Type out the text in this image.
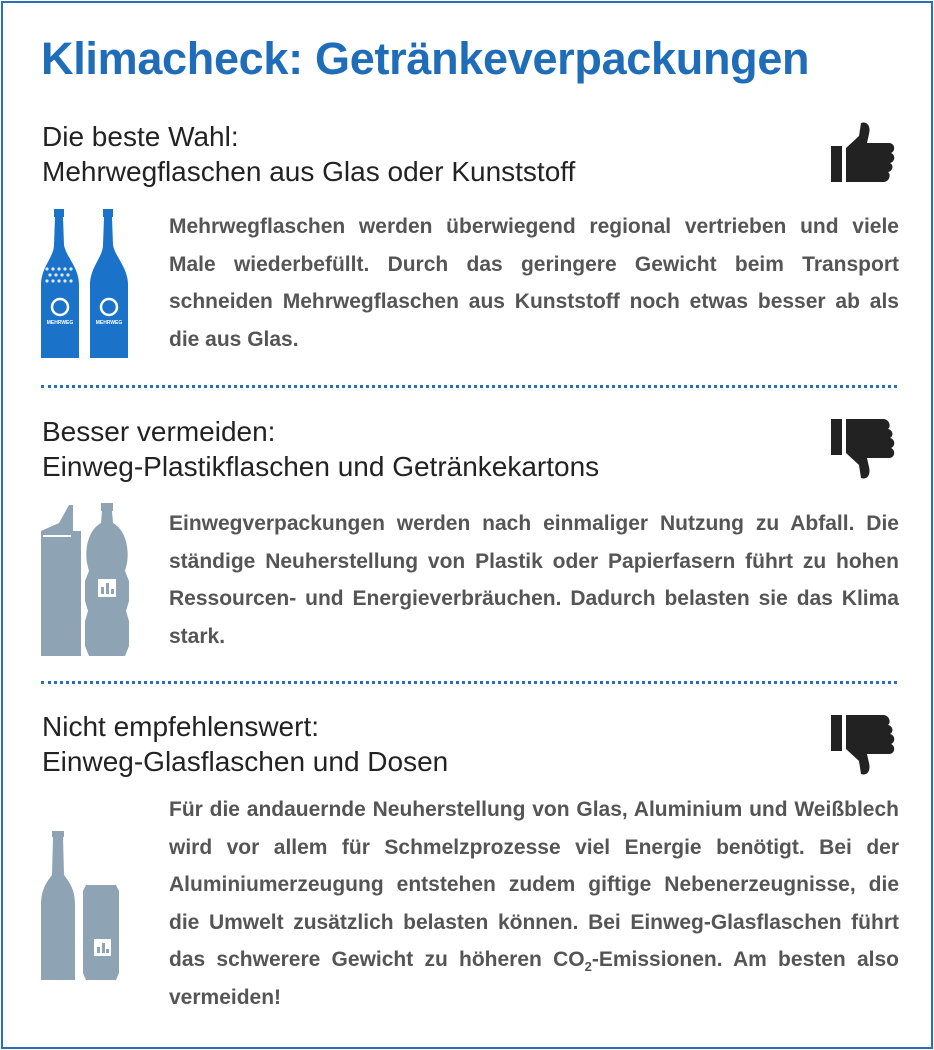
Klimacheck: Getränkeverpackungen
Die beste Wahl:
Mehrwegflaschen aus Glas oder Kunststoff
MEHRWEG	MEHRWEG
Mehrwegflaschen werden überwiegend regional vertrieben und viele Male wiederbefüllt. Durch das geringere Gewicht beim Transport schneiden Mehrwegflaschen aus Kunststoff noch etwas besser ab als die aus Glas.
Besser vermeiden:
Einweg-Plastikflaschen und Getränkekartons
Einwegverpackungen werden nach einmaliger Nutzung zu Abfall. Die ständige Neuherstellung von Plastik oder Papierfasern führt zu hohen Ressourcen- und Energieverbräuchen. Dadurch belasten sie das Klima stark.
Nicht empfehlenswert:
Einweg-Glasflaschen und Dosen
Für die andauernde Neuherstellung von Glas, Aluminium und Weißblech wird vor allem für Schmelzprozesse viel Energie benötigt. Bei der Aluminiumerzeugung entstehen zudem giftige Nebenerzeugnisse, die die Umwelt zusätzlich belasten können. Bei Einweg-Glasflaschen führt das schwerere Gewicht zu höheren $CO_2$-Emissionen. Am besten also vermeiden!
